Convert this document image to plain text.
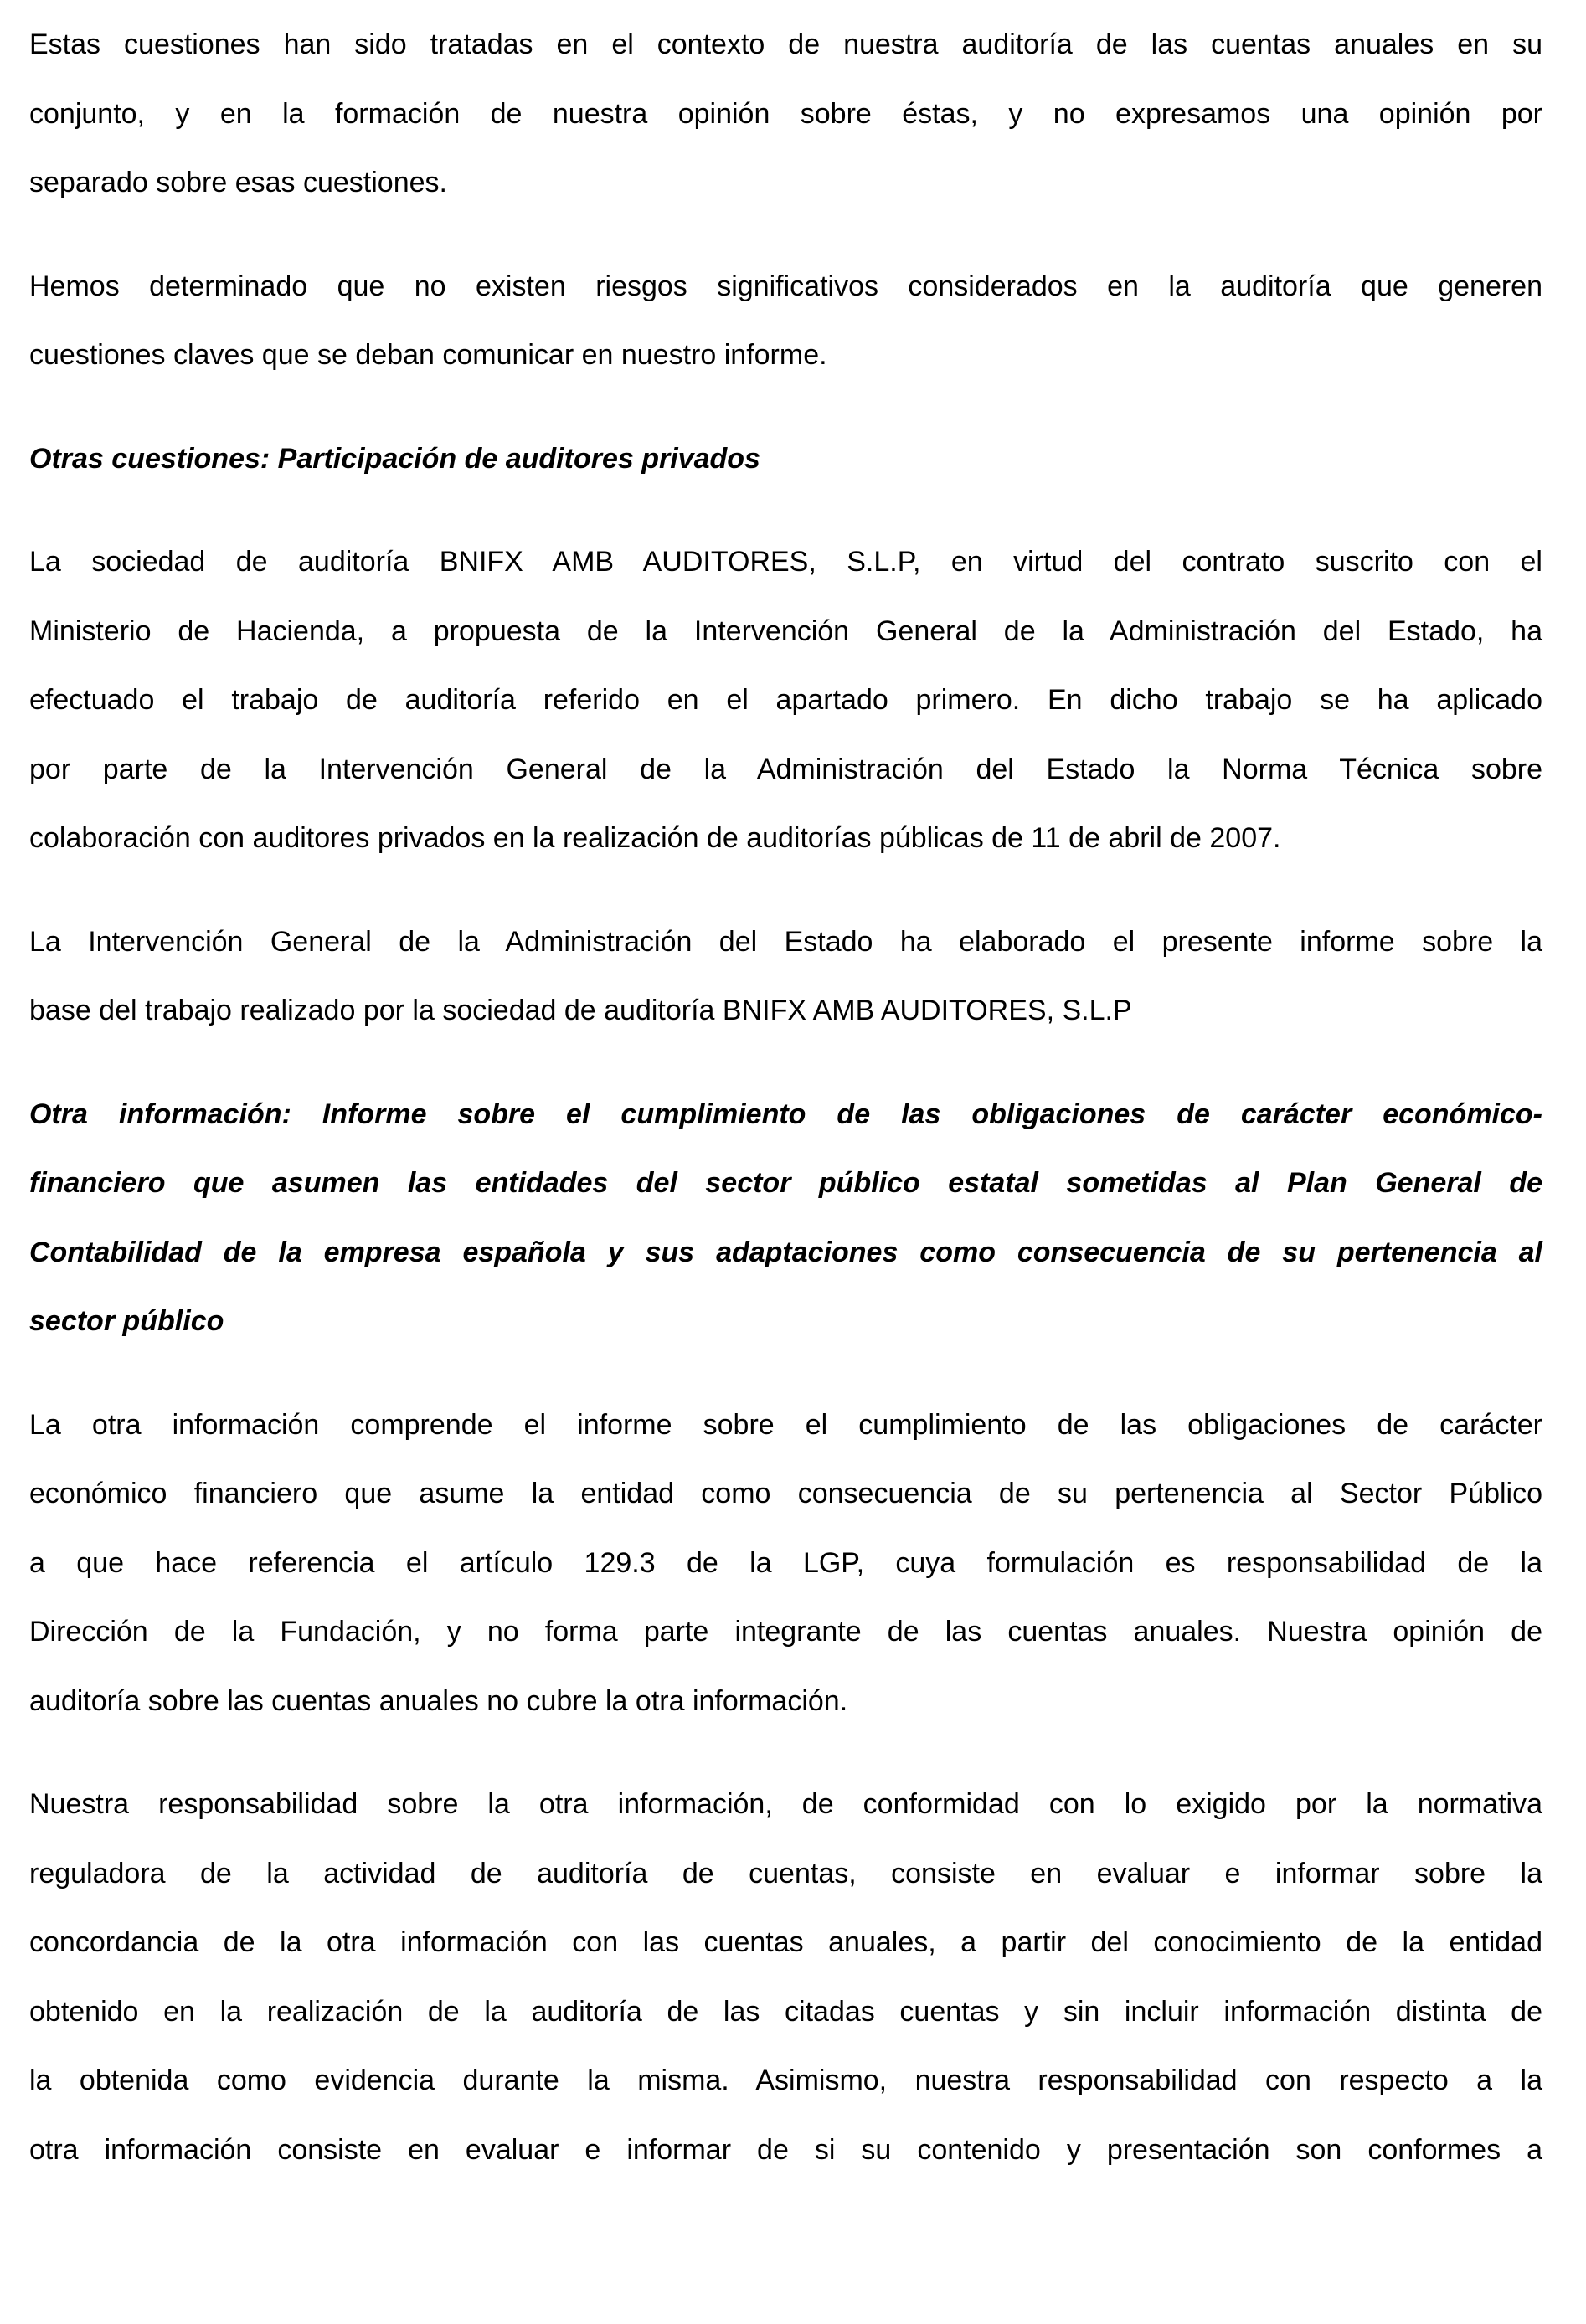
Estas cuestiones han sido tratadas en el contexto de nuestra auditoría de las cuentas anuales en su
conjunto, y en la formación de nuestra opinión sobre éstas, y no expresamos una opinión por
separado sobre esas cuestiones.
Hemos determinado que no existen riesgos significativos considerados en la auditoría que generen
cuestiones claves que se deban comunicar en nuestro informe.
Otras cuestiones: Participación de auditores privados
La sociedad de auditoría BNIFX AMB AUDITORES, S.L.P, en virtud del contrato suscrito con el
Ministerio de Hacienda, a propuesta de la Intervención General de la Administración del Estado, ha
efectuado el trabajo de auditoría referido en el apartado primero. En dicho trabajo se ha aplicado
por parte de la Intervención General de la Administración del Estado la Norma Técnica sobre
colaboración con auditores privados en la realización de auditorías públicas de 11 de abril de 2007.
La Intervención General de la Administración del Estado ha elaborado el presente informe sobre la
base del trabajo realizado por la sociedad de auditoría BNIFX AMB AUDITORES, S.L.P
Otra información: Informe sobre el cumplimiento de las obligaciones de carácter económico-
financiero que asumen las entidades del sector público estatal sometidas al Plan General de
Contabilidad de la empresa española y sus adaptaciones como consecuencia de su pertenencia al
sector público
La otra información comprende el informe sobre el cumplimiento de las obligaciones de carácter
económico financiero que asume la entidad como consecuencia de su pertenencia al Sector Público
a que hace referencia el artículo 129.3 de la LGP, cuya formulación es responsabilidad de la
Dirección de la Fundación, y no forma parte integrante de las cuentas anuales. Nuestra opinión de
auditoría sobre las cuentas anuales no cubre la otra información.
Nuestra responsabilidad sobre la otra información, de conformidad con lo exigido por la normativa
reguladora de la actividad de auditoría de cuentas, consiste en evaluar e informar sobre la
concordancia de la otra información con las cuentas anuales, a partir del conocimiento de la entidad
obtenido en la realización de la auditoría de las citadas cuentas y sin incluir información distinta de
la obtenida como evidencia durante la misma. Asimismo, nuestra responsabilidad con respecto a la
otra información consiste en evaluar e informar de si su contenido y presentación son conformes a
